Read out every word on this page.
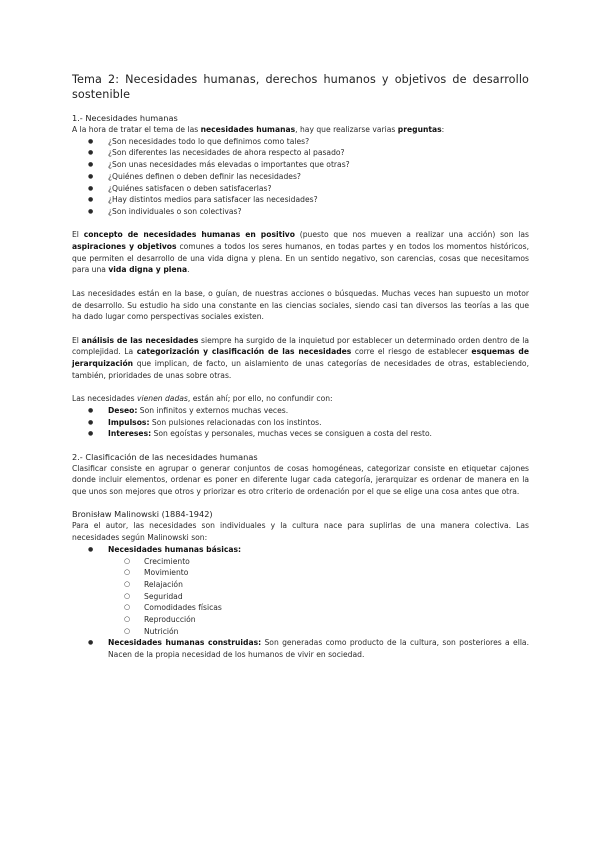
Tema 2: Necesidades humanas, derechos humanos y objetivos de desarrollo sostenible
1.- Necesidades humanas

A la hora de tratar el tema de las necesidades humanas, hay que realizarse varias preguntas:

● ¿Son necesidades todo lo que definimos como tales?
● ¿Son diferentes las necesidades de ahora respecto al pasado?
● ¿Son unas necesidades más elevadas o importantes que otras?
● ¿Quiénes definen o deben definir las necesidades?
● ¿Quiénes satisfacen o deben satisfacerlas?
● ¿Hay distintos medios para satisfacer las necesidades?
● ¿Son individuales o son colectivas?

El concepto de necesidades humanas en positivo (puesto que nos mueven a realizar una acción) son las aspiraciones y objetivos comunes a todos los seres humanos, en todas partes y en todos los momentos históricos, que permiten el desarrollo de una vida digna y plena. En un sentido negativo, son carencias, cosas que necesitamos para una vida digna y plena.

Las necesidades están en la base, o guían, de nuestras acciones o búsquedas. Muchas veces han supuesto un motor de desarrollo. Su estudio ha sido una constante en las ciencias sociales, siendo casi tan diversos las teorías a las que ha dado lugar como perspectivas sociales existen.

El análisis de las necesidades siempre ha surgido de la inquietud por establecer un determinado orden dentro de la complejidad. La categorización y clasificación de las necesidades corre el riesgo de establecer esquemas de jerarquización que implican, de facto, un aislamiento de unas categorías de necesidades de otras, estableciendo, también, prioridades de unas sobre otras.

Las necesidades vienen dadas, están ahí; por ello, no confundir con:

● Deseo: Son infinitos y externos muchas veces.
● Impulsos: Son pulsiones relacionadas con los instintos.
● Intereses: Son egoístas y personales, muchas veces se consiguen a costa del resto.
2.- Clasificación de las necesidades humanas

Clasificar consiste en agrupar o generar conjuntos de cosas homogéneas, categorizar consiste en etiquetar cajones donde incluir elementos, ordenar es poner en diferente lugar cada categoría, jerarquizar es ordenar de manera en la que unos son mejores que otros y priorizar es otro criterio de ordenación por el que se elige una cosa antes que otra.

Bronisław Malinowski (1884-1942)

Para el autor, las necesidades son individuales y la cultura nace para suplirlas de una manera colectiva. Las necesidades según Malinowski son:

● Necesidades humanas básicas:
○ Crecimiento
○ Movimiento
○ Relajación
○ Seguridad
○ Comodidades físicas
○ Reproducción
○ Nutrición
● Necesidades humanas construidas: Son generadas como producto de la cultura, son posteriores a ella. Nacen de la propia necesidad de los humanos de vivir en sociedad.
